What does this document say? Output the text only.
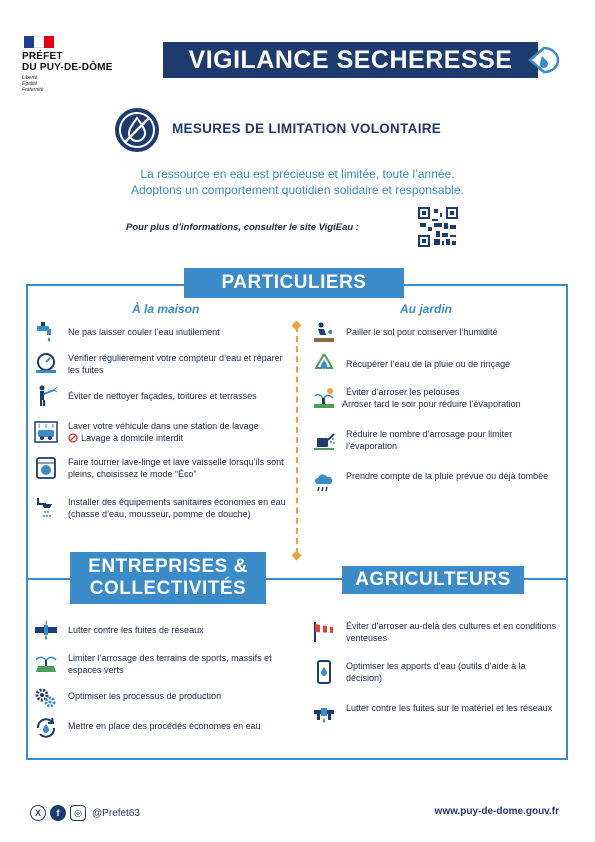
PRÉFET
DU PUY-DE-DÔME
Liberté
Égalité
Fraternité
VIGILANCE SECHERESSE
MESURES DE LIMITATION VOLONTAIRE
La ressource en eau est précieuse et limitée, toute l’année.
Adoptons un comportement quotidien solidaire et responsable.
Pour plus d’informations, consulter le site VigiEau :
PARTICULIERS
À la maison	Au jardin
Ne pas laisser couler l’eau inutilement
Vérifier régulièrement votre compteur d’eau et réparer les fuites
Éviter de nettoyer façades, toitures et terrasses
Laver votre véhicule dans une station de lavage
Lavage à domicile interdit
Faire tourner lave-linge et lave vaisselle lorsqu’ils sont pleins, choisissez le mode “Éco”
Installer des équipements sanitaires économes en eau (chasse d’eau, mousseur, pomme de douche)
Pailler le sol pour conserver l’humidité
Récupérer l’eau de la pluie ou de rinçage
Éviter d’arroser les pelouses
Arroser tard le soir pour réduire l’évaporation
Réduire le nombre d’arrosage pour limiter l’évaporation
Prendre compte de la pluie prévue ou déjà tombée
ENTREPRISES &
COLLECTIVITÉS
Lutter contre les fuites de réseaux
Limiter l’arrosage des terrains de sports, massifs et espaces verts
Optimiser les processus de production
Mettre en place des procédés économes en eau
AGRICULTEURS
Éviter d’arroser au-delà des cultures et en conditions venteuses
Optimiser les apports d’eau (outils d’aide à la décision)
Lutter contre les fuites sur le matériel et les réseaux
X	f	◎	@Prefet63	www.puy-de-dome.gouv.fr
